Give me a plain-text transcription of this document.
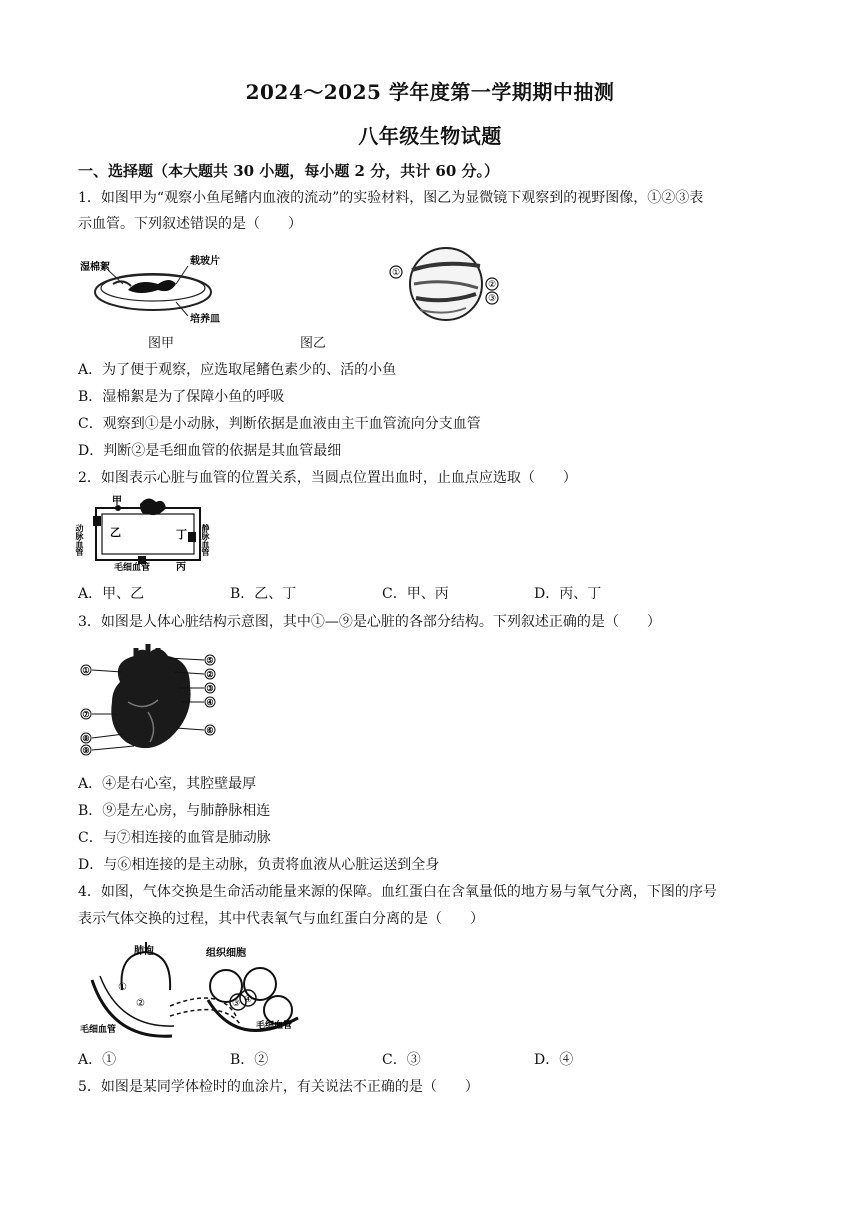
2024～2025 学年度第一学期期中抽测
八年级生物试题
一、选择题（本大题共 30 小题，每小题 2 分，共计 60 分。）
1．如图甲为“观察小鱼尾鳍内血液的流动”的实验材料，图乙为显微镜下观察到的视野图像，①②③表
示血管。下列叙述错误的是（　　）
湿棉絮
载玻片
培养皿
图甲
①
②
③
图乙
A．为了便于观察，应选取尾鳍色素少的、活的小鱼
B．湿棉絮是为了保障小鱼的呼吸
C．观察到①是小动脉，判断依据是血液由主干血管流向分支血管
D．判断②是毛细血管的依据是其血管最细
2．如图表示心脏与血管的位置关系，当圆点位置出血时，止血点应选取（　　）
甲
乙	丁
丙
毛细血管
动脉血管	静脉血管
A．甲、乙	B．乙、丁	C．甲、丙	D．丙、丁
3．如图是人体心脏结构示意图，其中①—⑨是心脏的各部分结构。下列叙述正确的是（　　）
①
⑤
②
③
④
⑥
⑦
⑧
⑨
A．④是右心室，其腔壁最厚
B．⑨是左心房，与肺静脉相连
C．与⑦相连接的血管是肺动脉
D．与⑥相连接的是主动脉，负责将血液从心脏运送到全身
4．如图，气体交换是生命活动能量来源的保障。血红蛋白在含氧量低的地方易与氧气分离，下图的序号
表示气体交换的过程，其中代表氧气与血红蛋白分离的是（　　）
肺泡	组织细胞
毛细血管	毛细血管
①
②	③ ④
A．①	B．②	C．③	D．④
5．如图是某同学体检时的血涂片，有关说法不正确的是（　　）
